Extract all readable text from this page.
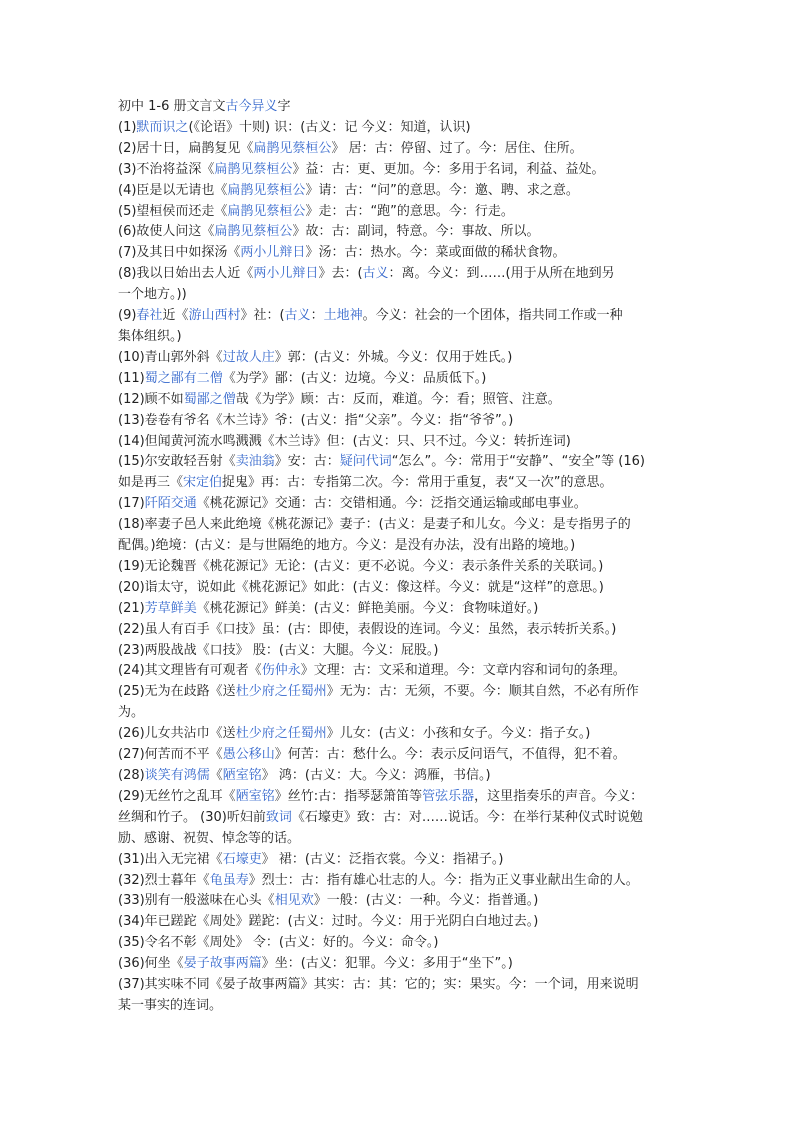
初中 1-6 册文言文古今异义字
(1)默而识之(《论语》十则) 识：(古义：记 今义：知道，认识)
(2)居十日，扁鹊复见《扁鹊见蔡桓公》 居：古：停留、过了。今：居住、住所。
(3)不治将益深《扁鹊见蔡桓公》益：古：更、更加。今：多用于名词，利益、益处。
(4)臣是以无请也《扁鹊见蔡桓公》请：古：“问”的意思。今：邀、聘、求之意。
(5)望桓侯而还走《扁鹊见蔡桓公》走：古：“跑”的意思。今：行走。
(6)故使人问这《扁鹊见蔡桓公》故：古：副词，特意。今：事故、所以。
(7)及其日中如探汤《两小儿辩日》汤：古：热水。今：菜或面做的稀状食物。
(8)我以日始出去人近《两小儿辩日》去：(古义：离。今义：到……(用于从所在地到另
一个地方。))
(9)春社近《游山西村》社：(古义：土地神。今义：社会的一个团体，指共同工作或一种
集体组织。)
(10)青山郭外斜《过故人庄》郭：(古义：外城。今义：仅用于姓氏。)
(11)蜀之鄙有二僧《为学》鄙：(古义：边境。今义：品质低下。)
(12)顾不如蜀鄙之僧哉《为学》顾：古：反而，难道。今：看；照管、注意。
(13)卷卷有爷名《木兰诗》爷：(古义：指“父亲”。今义：指“爷爷”。)
(14)但闻黄河流水鸣溅溅《木兰诗》但：(古义：只、只不过。今义：转折连词)
(15)尔安敢轻吾射《卖油翁》安：古：疑问代词“怎么”。今：常用于“安静”、“安全”等 (16)
如是再三《宋定伯捉鬼》再：古：专指第二次。今：常用于重复，表“又一次”的意思。
(17)阡陌交通《桃花源记》交通：古：交错相通。今：泛指交通运输或邮电事业。
(18)率妻子邑人来此绝境《桃花源记》妻子：(古义：是妻子和儿女。今义：是专指男子的
配偶。)绝境：(古义：是与世隔绝的地方。今义：是没有办法，没有出路的境地。)
(19)无论魏晋《桃花源记》无论：(古义：更不必说。今义：表示条件关系的关联词。)
(20)诣太守，说如此《桃花源记》如此：(古义：像这样。今义：就是“这样”的意思。)
(21)芳草鲜美《桃花源记》鲜美：(古义：鲜艳美丽。今义：食物味道好。)
(22)虽人有百手《口技》虽：(古：即使，表假设的连词。今义：虽然，表示转折关系。)
(23)两股战战《口技》 股：(古义：大腿。今义：屁股。)
(24)其文理皆有可观者《伤仲永》文理：古：文采和道理。今：文章内容和词句的条理。
(25)无为在歧路《送杜少府之任蜀州》无为：古：无须，不要。今：顺其自然，不必有所作
为。
(26)儿女共沾巾《送杜少府之任蜀州》儿女：(古义：小孩和女子。今义：指子女。)
(27)何苦而不平《愚公移山》何苦：古：愁什么。今：表示反问语气，不值得，犯不着。
(28)谈笑有鸿儒《陋室铭》 鸿：(古义：大。今义：鸿雁，书信。)
(29)无丝竹之乱耳《陋室铭》丝竹:古：指琴瑟箫笛等管弦乐器，这里指奏乐的声音。今义：
丝绸和竹子。 (30)听妇前致词《石壕吏》致：古：对……说话。今：在举行某种仪式时说勉
励、感谢、祝贺、悼念等的话。
(31)出入无完裙《石壕吏》 裙：(古义：泛指衣裳。今义：指裙子。)
(32)烈士暮年《龟虽寿》烈士：古：指有雄心壮志的人。今：指为正义事业献出生命的人。
(33)别有一般滋味在心头《相见欢》一般：(古义：一种。今义：指普通。)
(34)年已蹉跎《周处》蹉跎：(古义：过时。今义：用于光阴白白地过去。)
(35)令名不彰《周处》 令：(古义：好的。今义：命令。)
(36)何坐《晏子故事两篇》坐：(古义：犯罪。今义：多用于“坐下”。)
(37)其实味不同《晏子故事两篇》其实：古：其：它的；实：果实。今：一个词，用来说明
某一事实的连词。
